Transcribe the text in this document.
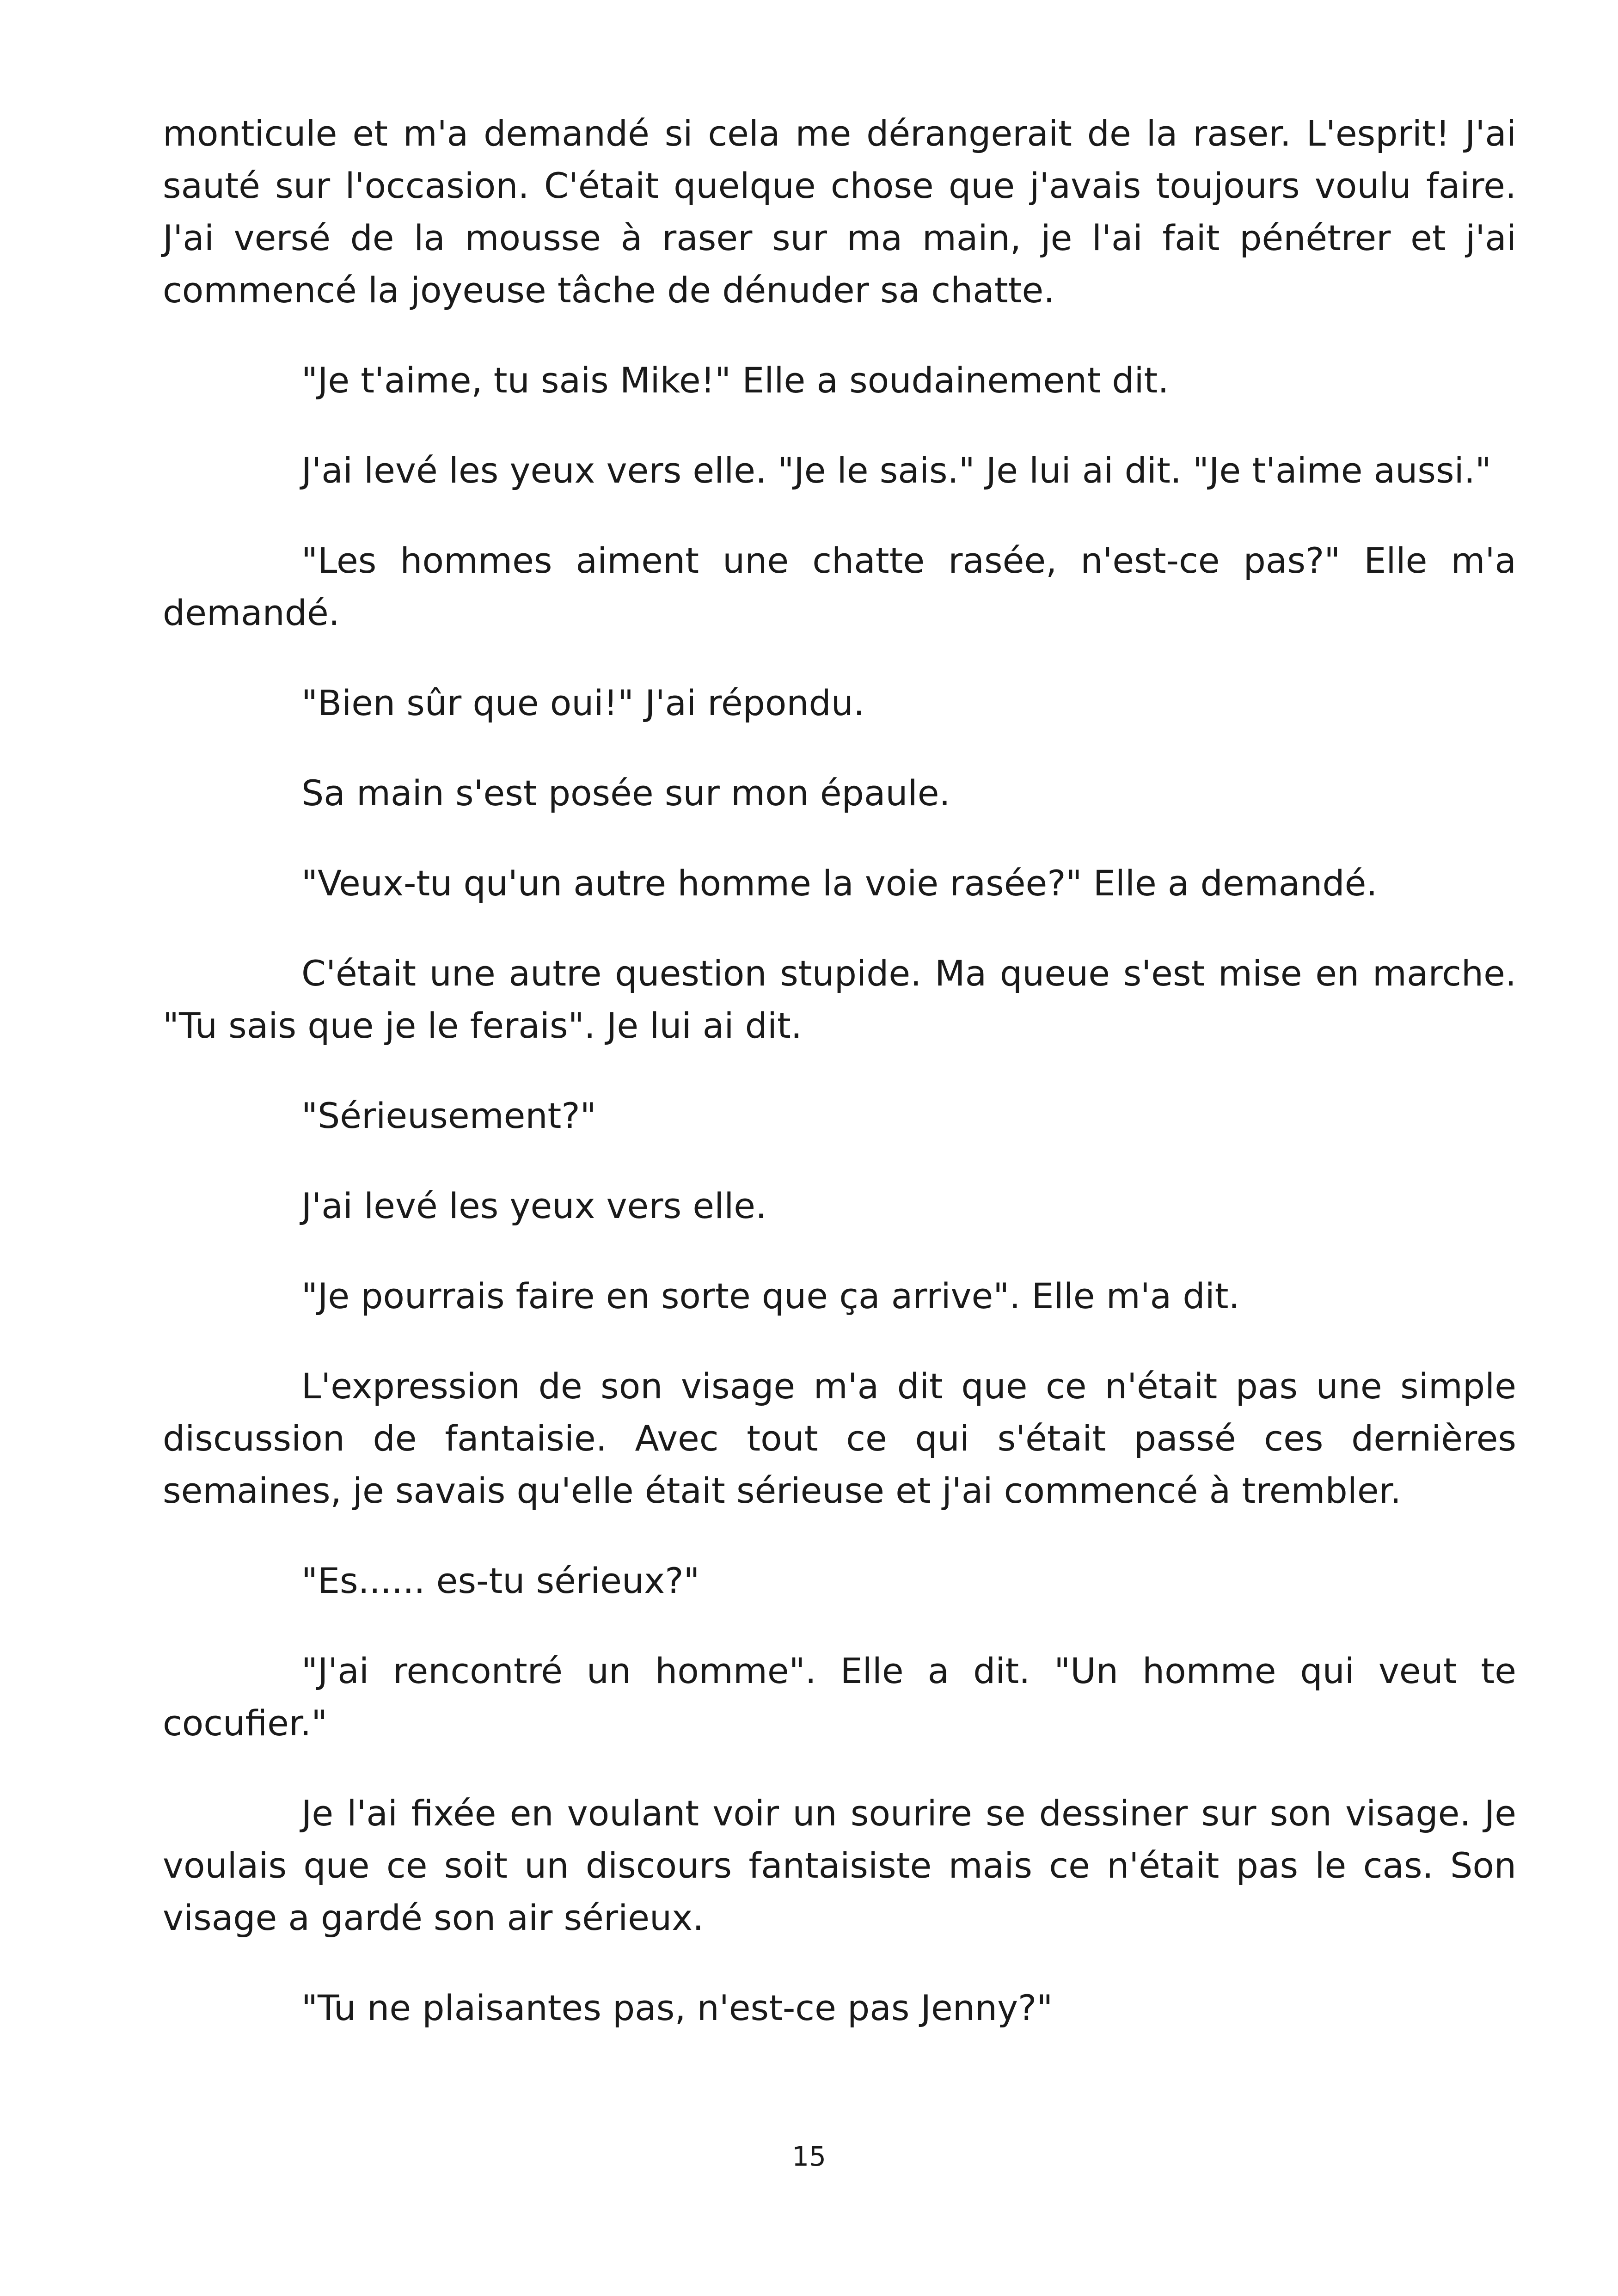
monticule et m'a demandé si cela me dérangerait de la raser. L'esprit! J'ai sauté sur l'occasion. C'était quelque chose que j'avais toujours voulu faire. J'ai versé de la mousse à raser sur ma main, je l'ai fait pénétrer et j'ai commencé la joyeuse tâche de dénuder sa chatte.

"Je t'aime, tu sais Mike!" Elle a soudainement dit.

J'ai levé les yeux vers elle. "Je le sais." Je lui ai dit. "Je t'aime aussi."

"Les hommes aiment une chatte rasée, n'est-ce pas?" Elle m'a demandé.

"Bien sûr que oui!" J'ai répondu.

Sa main s'est posée sur mon épaule.

"Veux-tu qu'un autre homme la voie rasée?" Elle a demandé.

C'était une autre question stupide. Ma queue s'est mise en marche. "Tu sais que je le ferais". Je lui ai dit.

"Sérieusement?"

J'ai levé les yeux vers elle.

"Je pourrais faire en sorte que ça arrive". Elle m'a dit.

L'expression de son visage m'a dit que ce n'était pas une simple discussion de fantaisie. Avec tout ce qui s'était passé ces dernières semaines, je savais qu'elle était sérieuse et j'ai commencé à trembler.

"Es...... es-tu sérieux?"

"J'ai rencontré un homme". Elle a dit. "Un homme qui veut te cocufier."

Je l'ai fixée en voulant voir un sourire se dessiner sur son visage. Je voulais que ce soit un discours fantaisiste mais ce n'était pas le cas. Son visage a gardé son air sérieux.

"Tu ne plaisantes pas, n'est-ce pas Jenny?"

15
